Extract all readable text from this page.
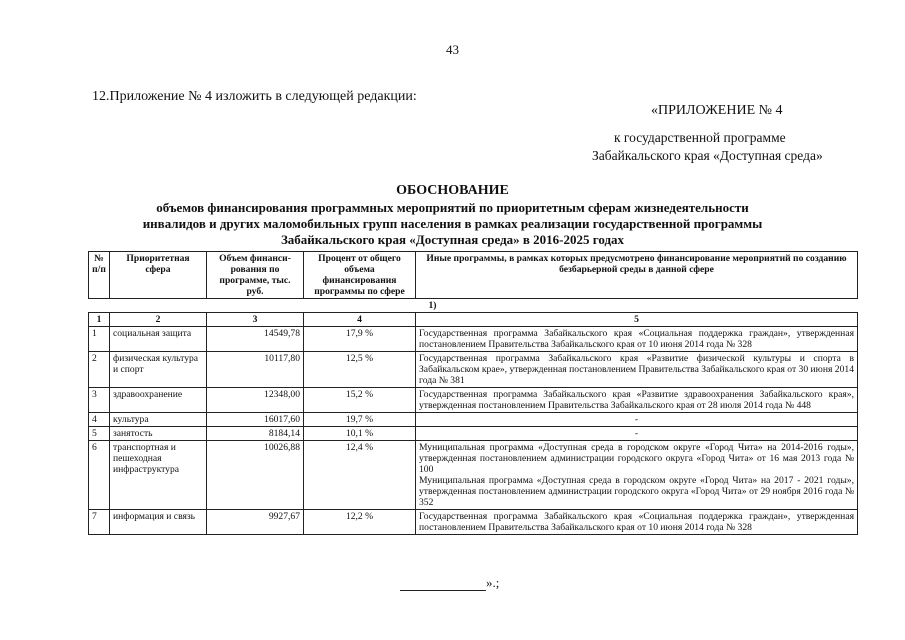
43
12.Приложение № 4 изложить в следующей редакции:
«ПРИЛОЖЕНИЕ № 4
к государственной программе
Забайкальского края «Доступная среда»
ОБОСНОВАНИЕ
объемов финансирования программных мероприятий по приоритетным сферам жизнедеятельности
инвалидов и других маломобильных групп населения в рамках реализации государственной программы
Забайкальского края «Доступная среда» в 2016-2025 годах
№ п/п	Приоритетная сфера	Объем финанси-рования по программе, тыс. руб.	Процент от общего объема финансирования программы по сфере	Иные программы, в рамках которых предусмотрено финансирование мероприятий по созданию безбарьерной среды в данной сфере
1)				
1	2	3	4	5
1	социальная защита	14549,78	17,9 %	Государственная программа Забайкальского края «Социальная поддержка граждан», утвержденная постановлением Правительства Забайкальского края от 10 июня 2014 года № 328
2	физическая культура и спорт	10117,80	12,5 %	Государственная программа Забайкальского края «Развитие физической культуры и спорта в Забайкальском крае», утвержденная постановлением Правительства Забайкальского края от 30 июня 2014 года № 381
3	здравоохранение	12348,00	15,2 %	Государственная программа Забайкальского края «Развитие здравоохранения Забайкальского края», утвержденная постановлением Правительства Забайкальского края от 28 июля 2014 года № 448
4	культура	16017,60	19,7 %	-
5	занятость	8184,14	10,1 %	-
6	транспортная и пешеходная инфраструктура	10026,88	12,4 %	Муниципальная программа «Доступная среда в городском округе «Город Чита» на 2014-2016 годы», утвержденная постановлением администрации городского округа «Город Чита» от 16 мая 2013 года № 100
Муниципальная программа «Доступная среда в городском округе «Город Чита» на 2017 - 2021 годы», утвержденная постановлением администрации городского округа «Город Чита» от 29 ноября 2016 года № 352

7	информация и связь	9927,67	12,2 %	Государственная программа Забайкальского края «Социальная поддержка граждан», утвержденная постановлением Правительства Забайкальского края от 10 июня 2014 года № 328
».;
